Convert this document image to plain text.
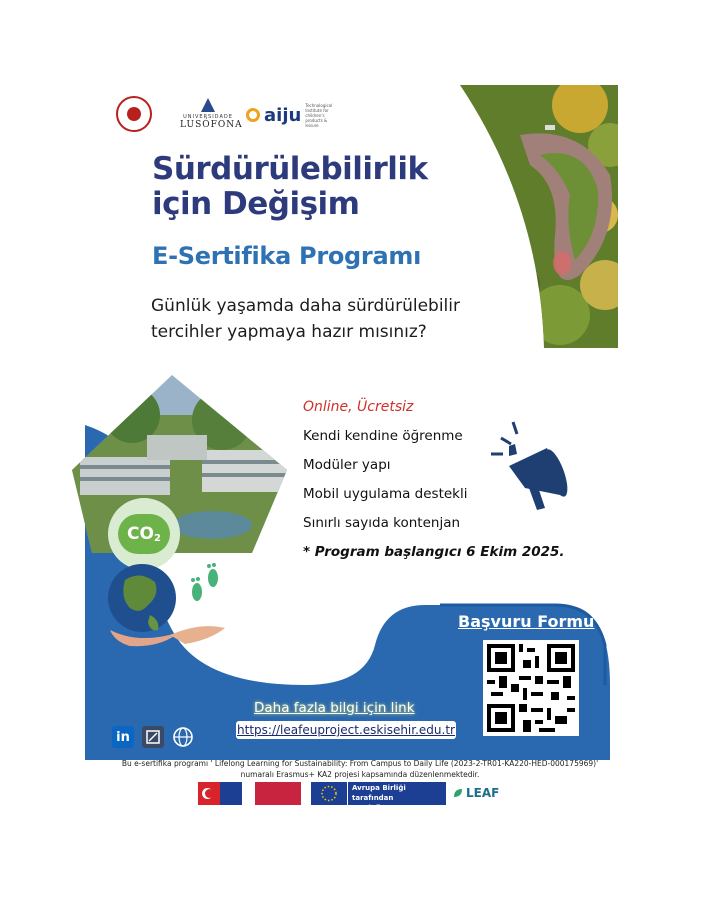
UNIVERSIDADE
LUSÓFONA aiju Technological Institute for children's products & leisure
Sürdürülebilirlik için Değişim
E-Sertifika Programı
Günlük yaşamda daha sürdürülebilir tercihler yapmaya hazır mısınız?
CO 2
Online, Ücretsiz
Kendi kendine öğrenme
Modüler yapı
Mobil uygulama destekli
Sınırlı sayıda kontenjan
* Program başlangıcı 6 Ekim 2025.
Başvuru Formu
Daha fazla bilgi için link
https://leafeuproject.eskisehir.edu.tr
in
Bu e-sertifika programı ' Lifelong Learning for Sustainability: From Campus to Daily Life (2023-2-TR01-KA220-HED-000175969)'
numaralı Erasmus+ KA2 projesi kapsamında düzenlenmektedir.
Avrupa Birliği tarafından
ortak finanse edilmektedir
LEAF
